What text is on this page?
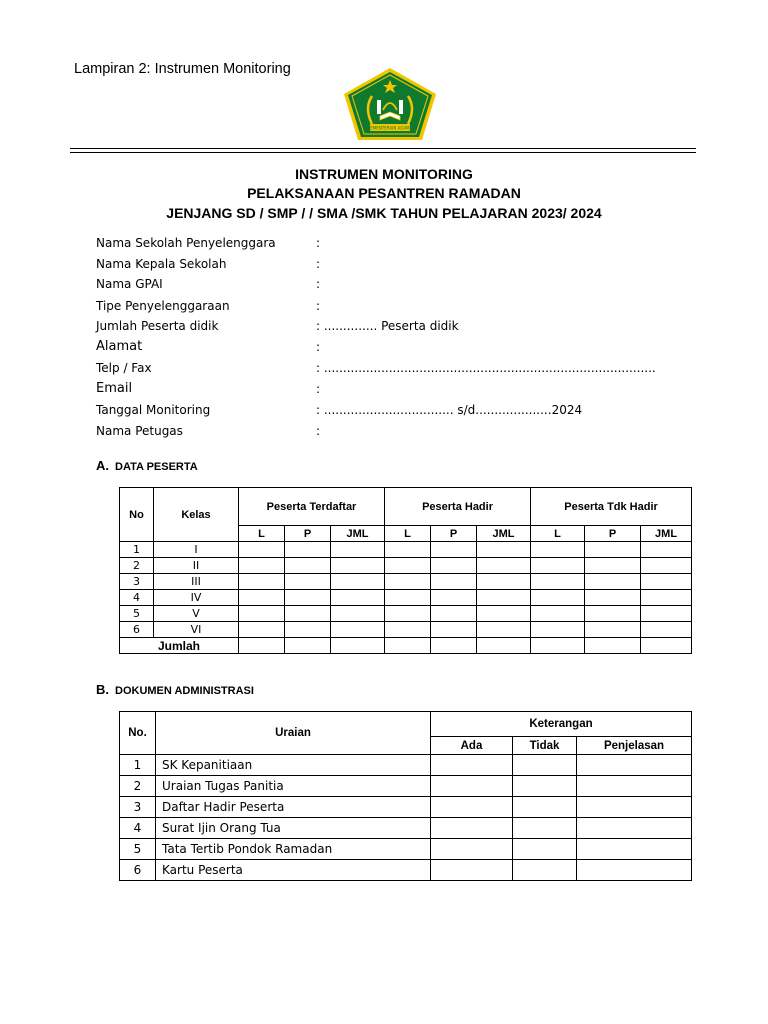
Lampiran 2: Instrumen Monitoring
KEMENTERIAN AGAMA
INSTRUMEN MONITORING
PELAKSANAAN PESANTREN RAMADAN
JENJANG SD / SMP / / SMA /SMK TAHUN PELAJARAN 2023/ 2024
Nama Sekolah Penyelenggara	:
Nama Kepala Sekolah	:
Nama GPAI	:
Tipe Penyelenggaraan	:
Jumlah Peserta didik	: .............. Peserta didik
Alamat	:
Telp / Fax	: .......................................................................................
Email	:
Tanggal Monitoring	: .................................. s/d....................2024
Nama Petugas	:
A. DATA PESERTA
No	Kelas	Peserta Terdaftar			Peserta Hadir			Peserta Tdk Hadir		
		L	P	JML	L	P	JML	L	P	JML
1	I									
2	II									
3	III									
4	IV									
5	V									
6	VI									
Jumlah										
B. DOKUMEN ADMINISTRASI
No.	Uraian	Keterangan		
		Ada	Tidak	Penjelasan
1	SK Kepanitiaan			
2	Uraian Tugas Panitia			
3	Daftar Hadir Peserta			
4	Surat Ijin Orang Tua			
5	Tata Tertib Pondok Ramadan			
6	Kartu Peserta			
